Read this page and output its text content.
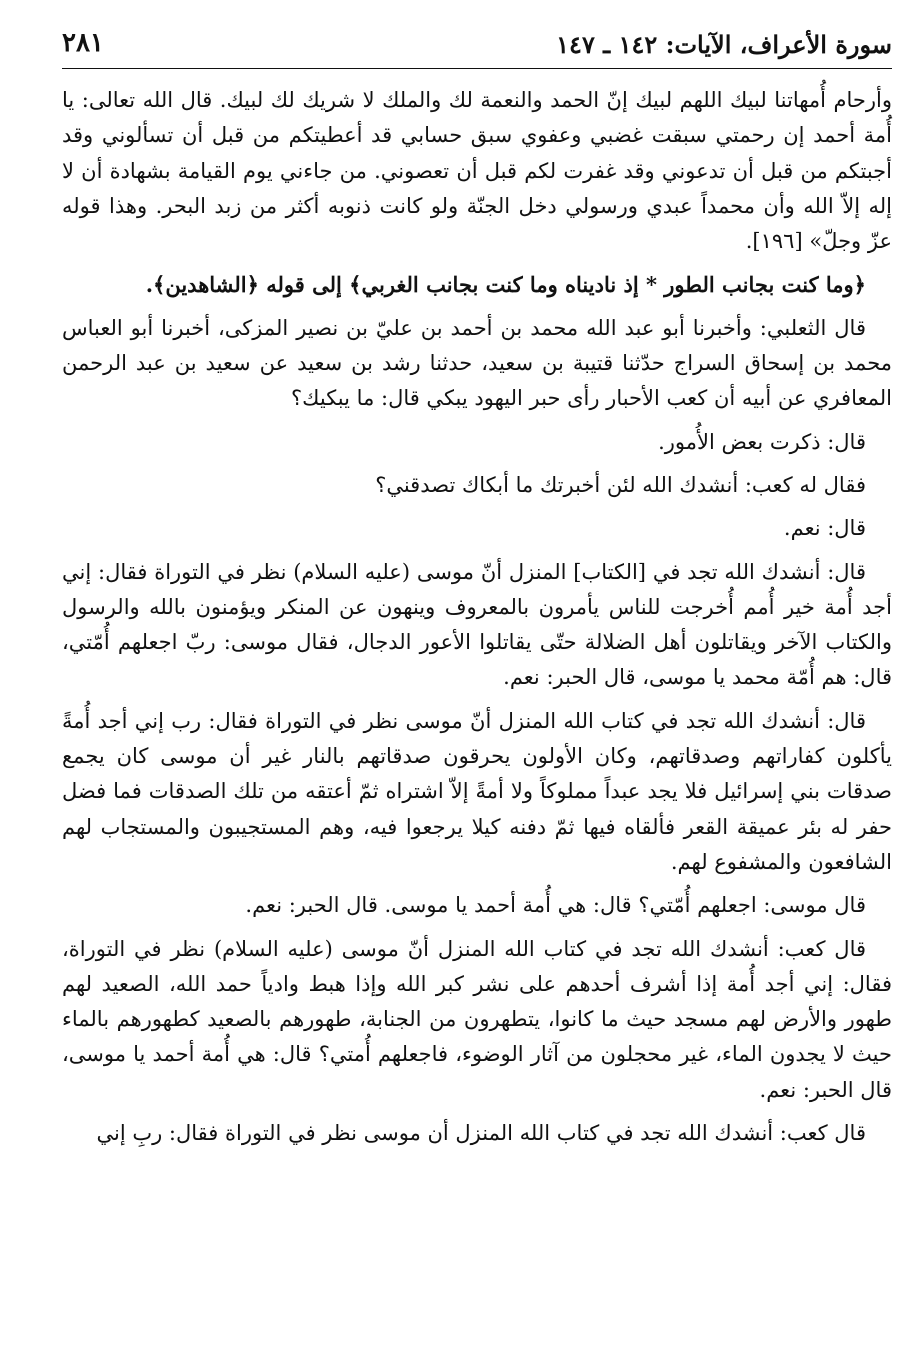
سورة الأعراف، الآيات: ١٤٢ ـ ١٤٧
٢٨١

وأرحام أُمهاتنا لبيك اللهم لبيك إنّ الحمد والنعمة لك والملك لا شريك لك لبيك. قال الله تعالى: يا أُمة أحمد إن رحمتي سبقت غضبي وعفوي سبق حسابي قد أعطيتكم من قبل أن تسألوني وقد أجبتكم من قبل أن تدعوني وقد غفرت لكم قبل أن تعصوني. من جاءني يوم القيامة بشهادة أن لا إله إلاّ الله وأن محمداً عبدي ورسولي دخل الجنّة ولو كانت ذنوبه أكثر من زبد البحر. وهذا قوله عزّ وجلّ» [١٩٦].

﴿وما كنت بجانب الطور * إذ ناديناه وما كنت بجانب الغربي﴾ إلى قوله ﴿الشاهدين﴾.

قال الثعلبي: وأخبرنا أبو عبد الله محمد بن أحمد بن عليّ بن نصير المزكى، أخبرنا أبو العباس محمد بن إسحاق السراج حدّثنا قتيبة بن سعيد، حدثنا رشد بن سعيد عن سعيد بن عبد الرحمن المعافري عن أبيه أن كعب الأحبار رأى حبر اليهود يبكي قال: ما يبكيك؟

قال: ذكرت بعض الأُمور.

فقال له كعب: أنشدك الله لئن أخبرتك ما أبكاك تصدقني؟

قال: نعم.

قال: أنشدك الله تجد في [الكتاب] المنزل أنّ موسى (عليه السلام) نظر في التوراة فقال: إني أجد أُمة خير أُمم أُخرجت للناس يأمرون بالمعروف وينهون عن المنكر ويؤمنون بالله والرسول والكتاب الآخر ويقاتلون أهل الضلالة حتّى يقاتلوا الأعور الدجال، فقال موسى: ربّ اجعلهم أُمّتي، قال: هم أُمّة محمد يا موسى، قال الحبر: نعم.

قال: أنشدك الله تجد في كتاب الله المنزل أنّ موسى نظر في التوراة فقال: رب إني أجد أُمةً يأكلون كفاراتهم وصدقاتهم، وكان الأولون يحرقون صدقاتهم بالنار غير أن موسى كان يجمع صدقات بني إسرائيل فلا يجد عبداً مملوكاً ولا أمةً إلاّ اشتراه ثمّ أعتقه من تلك الصدقات فما فضل حفر له بئر عميقة القعر فألقاه فيها ثمّ دفنه كيلا يرجعوا فيه، وهم المستجيبون والمستجاب لهم الشافعون والمشفوع لهم.

قال موسى: اجعلهم أُمّتي؟ قال: هي أُمة أحمد يا موسى. قال الحبر: نعم.

قال كعب: أنشدك الله تجد في كتاب الله المنزل أنّ موسى (عليه السلام) نظر في التوراة، فقال: إني أجد أُمة إذا أشرف أحدهم على نشر كبر الله وإذا هبط وادياً حمد الله، الصعيد لهم طهور والأرض لهم مسجد حيث ما كانوا، يتطهرون من الجنابة، طهورهم بالصعيد كطهورهم بالماء حيث لا يجدون الماء، غير محجلون من آثار الوضوء، فاجعلهم أُمتي؟ قال: هي أُمة أحمد يا موسى، قال الحبر: نعم.

قال كعب: أنشدك الله تجد في كتاب الله المنزل أن موسى نظر في التوراة فقال: ربِ إني
